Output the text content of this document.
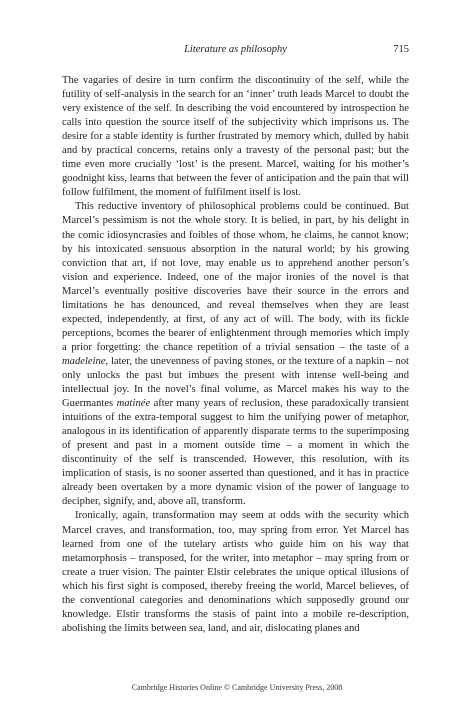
Literature as philosophy	715

The vagaries of desire in turn confirm the discontinuity of the self, while the futility of self-analysis in the search for an ‘inner’ truth leads Marcel to doubt the very existence of the self. In describing the void encountered by introspection he calls into question the source itself of the subjectivity which imprisons us. The desire for a stable identity is further frustrated by memory which, dulled by habit and by practical concerns, retains only a travesty of the personal past; but the time even more crucially ‘lost’ is the present. Marcel, waiting for his mother’s goodnight kiss, learns that between the fever of anticipation and the pain that will follow fulfilment, the moment of fulfilment itself is lost.

This reductive inventory of philosophical problems could be continued. But Marcel’s pessimism is not the whole story. It is belied, in part, by his delight in the comic idiosyncrasies and foibles of those whom, he claims, he cannot know; by his intoxicated sensuous absorption in the natural world; by his growing conviction that art, if not love, may enable us to apprehend another person’s vision and experience. Indeed, one of the major ironies of the novel is that Marcel’s eventually positive discoveries have their source in the errors and limitations he has denounced, and reveal themselves when they are least expected, independently, at first, of any act of will. The body, with its fickle perceptions, bcomes the bearer of enlightenment through memories which imply a prior forgetting: the chance repetition of a trivial sensation – the taste of a madeleine, later, the unevenness of paving stones, or the texture of a napkin – not only unlocks the past but imbues the present with intense well-being and intellectual joy. In the novel’s final volume, as Marcel makes his way to the Guermantes matinée after many years of reclusion, these paradoxically transient intuitions of the extra-temporal suggest to him the unifying power of metaphor, analogous in its identification of apparently disparate terms to the superimposing of present and past in a moment outside time – a moment in which the discontinuity of the self is transcended. However, this resolution, with its implication of stasis, is no sooner asserted than questioned, and it has in practice already been overtaken by a more dynamic vision of the power of language to decipher, signify, and, above all, transform.

Ironically, again, transformation may seem at odds with the security which Marcel craves, and transformation, too, may spring from error. Yet Marcel has learned from one of the tutelary artists who guide him on his way that metamorphosis – transposed, for the writer, into metaphor – may spring from or create a truer vision. The painter Elstir celebrates the unique optical illusions of which his first sight is composed, thereby freeing the world, Marcel believes, of the conventional categories and denominations which supposedly ground our knowledge. Elstir transforms the stasis of paint into a mobile re-description, abolishing the limits between sea, land, and air, dislocating planes and

Cambridge Histories Online © Cambridge University Press, 2008
